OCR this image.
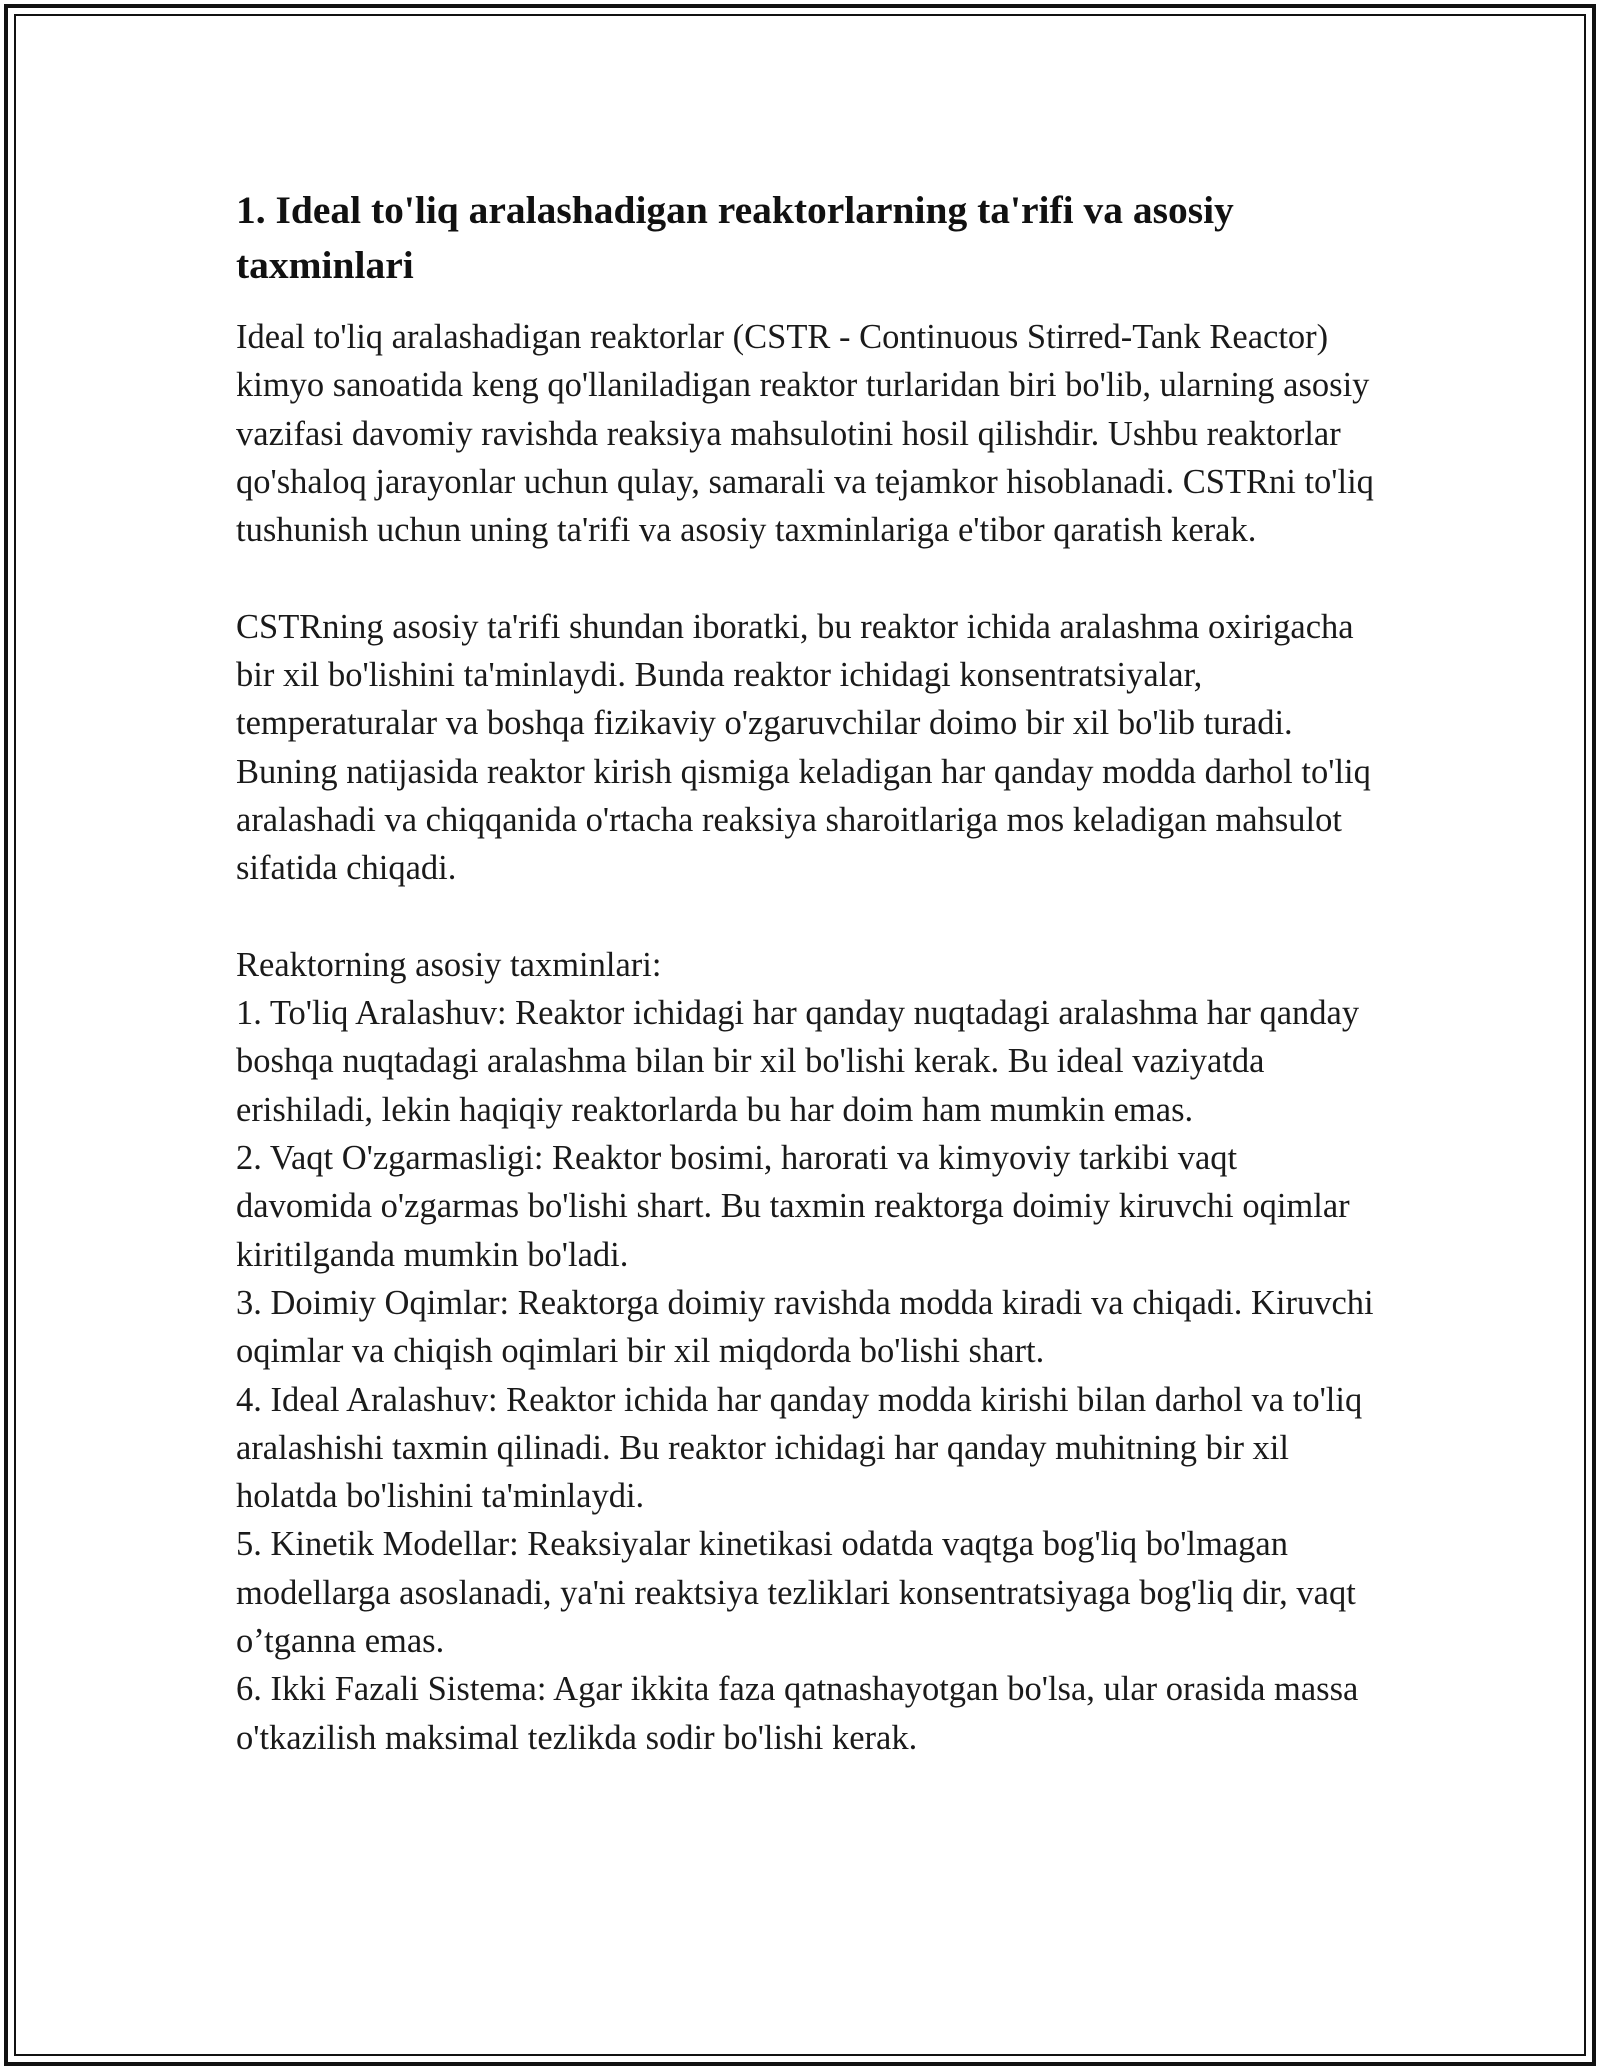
1. Ideal to'liq aralashadigan reaktorlarning ta'rifi va asosiy taxminlari

Ideal to'liq aralashadigan reaktorlar (CSTR - Continuous Stirred-Tank Reactor) kimyo sanoatida keng qo'llaniladigan reaktor turlaridan biri bo'lib, ularning asosiy vazifasi davomiy ravishda reaksiya mahsulotini hosil qilishdir. Ushbu reaktorlar qo'shaloq jarayonlar uchun qulay, samarali va tejamkor hisoblanadi. CSTRni to'liq tushunish uchun uning ta'rifi va asosiy taxminlariga e'tibor qaratish kerak.

CSTRning asosiy ta'rifi shundan iboratki, bu reaktor ichida aralashma oxirigacha bir xil bo'lishini ta'minlaydi. Bunda reaktor ichidagi konsentratsiyalar, temperaturalar va boshqa fizikaviy o'zgaruvchilar doimo bir xil bo'lib turadi. Buning natijasida reaktor kirish qismiga keladigan har qanday modda darhol to'liq aralashadi va chiqqanida o'rtacha reaksiya sharoitlariga mos keladigan mahsulot sifatida chiqadi.

Reaktorning asosiy taxminlari:

1. To'liq Aralashuv: Reaktor ichidagi har qanday nuqtadagi aralashma har qanday boshqa nuqtadagi aralashma bilan bir xil bo'lishi kerak. Bu ideal vaziyatda erishiladi, lekin haqiqiy reaktorlarda bu har doim ham mumkin emas.

2. Vaqt O'zgarmasligi: Reaktor bosimi, harorati va kimyoviy tarkibi vaqt davomida o'zgarmas bo'lishi shart. Bu taxmin reaktorga doimiy kiruvchi oqimlar kiritilganda mumkin bo'ladi.

3. Doimiy Oqimlar: Reaktorga doimiy ravishda modda kiradi va chiqadi. Kiruvchi oqimlar va chiqish oqimlari bir xil miqdorda bo'lishi shart.

4. Ideal Aralashuv: Reaktor ichida har qanday modda kirishi bilan darhol va to'liq aralashishi taxmin qilinadi. Bu reaktor ichidagi har qanday muhitning bir xil holatda bo'lishini ta'minlaydi.

5. Kinetik Modellar: Reaksiyalar kinetikasi odatda vaqtga bog'liq bo'lmagan modellarga asoslanadi, ya'ni reaktsiya tezliklari konsentratsiyaga bog'liq dir, vaqt o’tganna emas.

6. Ikki Fazali Sistema: Agar ikkita faza qatnashayotgan bo'lsa, ular orasida massa o'tkazilish maksimal tezlikda sodir bo'lishi kerak.
